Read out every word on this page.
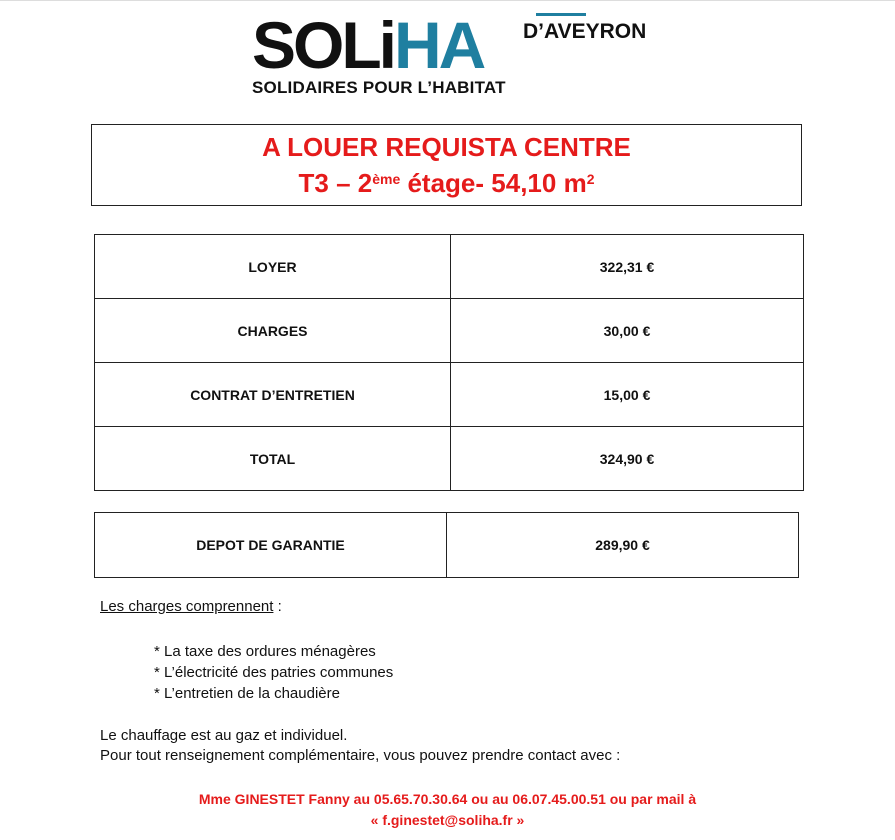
SOLiHA
SOLIDAIRES POUR L’HABITAT
D’AVEYRON
A LOUER REQUISTA CENTRE
T3 – 2ème étage- 54,10 $m^2$
LOYER	322,31 €
CHARGES	30,00 €
CONTRAT D’ENTRETIEN	15,00 €
TOTAL	324,90 €
DEPOT DE GARANTIE	289,90 €
Les charges comprennent :
* La taxe des ordures ménagères
* L’électricité des patries communes
* L’entretien de la chaudière
Le chauffage est au gaz et individuel.
Pour tout renseignement complémentaire, vous pouvez prendre contact avec :
Mme GINESTET Fanny au 05.65.70.30.64 ou au 06.07.45.00.51 ou par mail à
« f.ginestet@soliha.fr »
